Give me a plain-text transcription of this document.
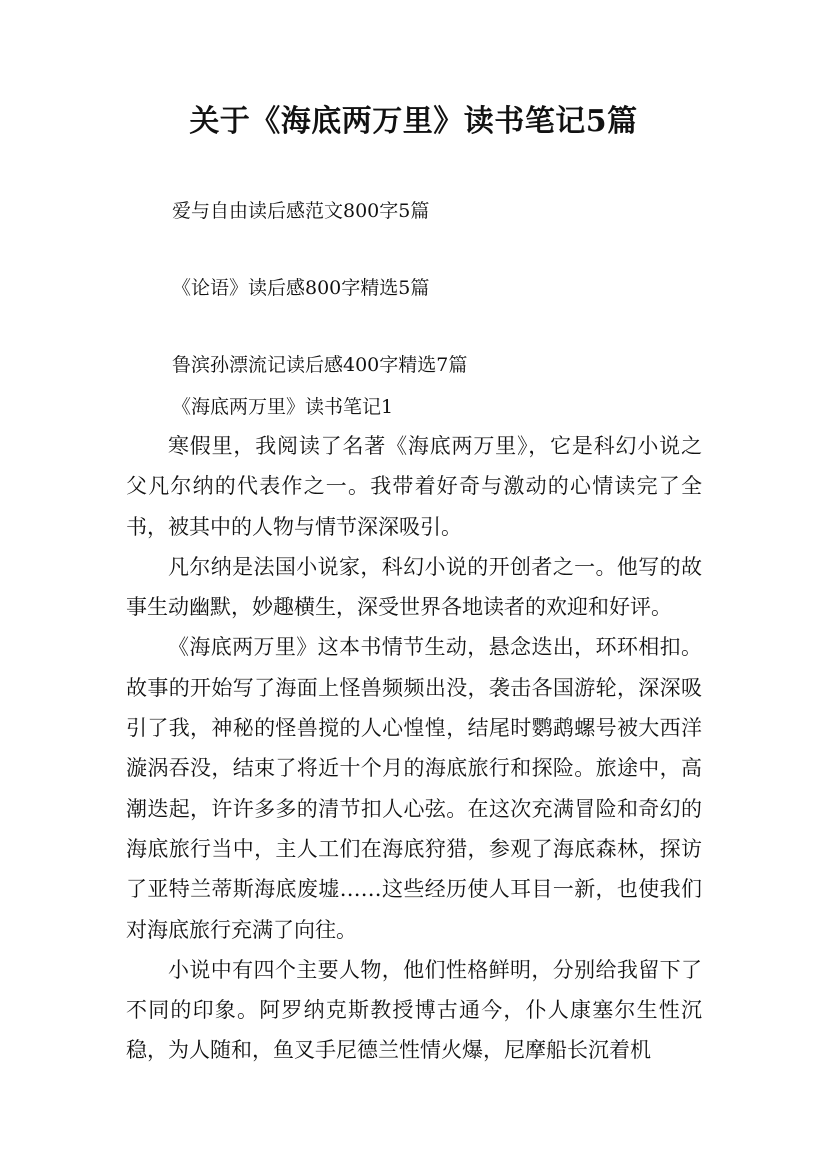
关于《海底两万里》读书笔记5篇

爱与自由读后感范文800字5篇

《论语》读后感800字精选5篇

鲁滨孙漂流记读后感400字精选7篇

《海底两万里》读书笔记1

寒假里，我阅读了名著《海底两万里》，它是科幻小说之父凡尔纳的代表作之一。我带着好奇与激动的心情读完了全书，被其中的人物与情节深深吸引。

凡尔纳是法国小说家，科幻小说的开创者之一。他写的故事生动幽默，妙趣横生，深受世界各地读者的欢迎和好评。

《海底两万里》这本书情节生动，悬念迭出，环环相扣。故事的开始写了海面上怪兽频频出没，袭击各国游轮，深深吸引了我，神秘的怪兽搅的人心惶惶，结尾时鹦鹉螺号被大西洋漩涡吞没，结束了将近十个月的海底旅行和探险。旅途中，高潮迭起，许许多多的清节扣人心弦。在这次充满冒险和奇幻的海底旅行当中，主人工们在海底狩猎，参观了海底森林，探访了亚特兰蒂斯海底废墟……这些经历使人耳目一新，也使我们对海底旅行充满了向往。

小说中有四个主要人物，他们性格鲜明，分别给我留下了不同的印象。阿罗纳克斯教授博古通今，仆人康塞尔生性沉稳，为人随和，鱼叉手尼德兰性情火爆，尼摩船长沉着机
